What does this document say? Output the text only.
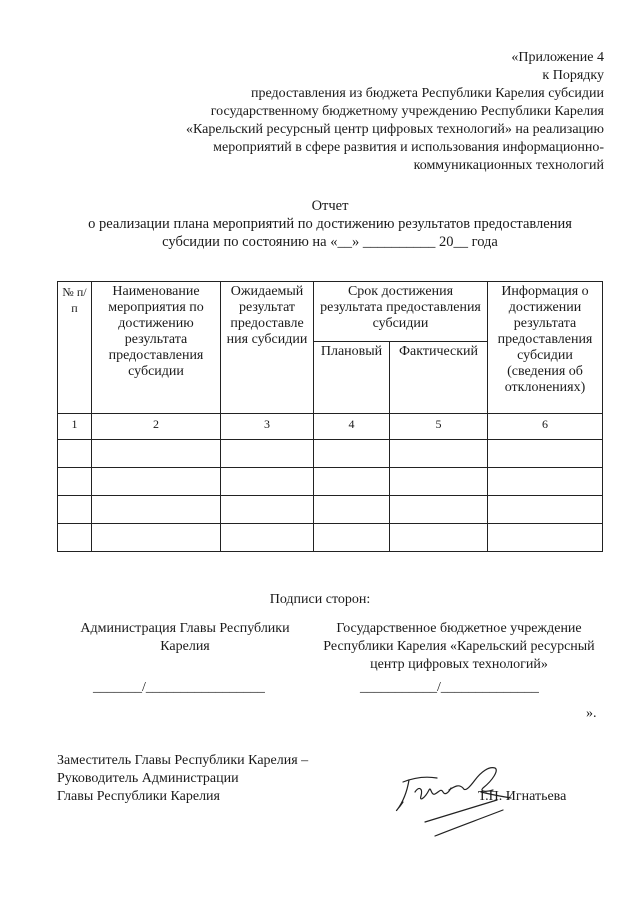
«Приложение 4
к Порядку
предоставления из бюджета Республики Карелия субсидии
государственному бюджетному учреждению Республики Карелия
«Карельский ресурсный центр цифровых технологий» на реализацию
мероприятий в сфере развития и использования информационно-
коммуникационных технологий
Отчет
о реализации плана мероприятий по достижению результатов предоставления
субсидии по состоянию на «__» __________ 20__ года
№ п/п	Наименование мероприятия по достижению результата предоставления субсидии	Ожидаемый результат предоставле ния субсидии	Срок достижения результата предоставления субсидии		Информация о достижении результата предоставления субсидии (сведения об отклонениях)
			Плановый	Фактический	
1	2	3	4	5	6

Подписи сторон:
Администрация Главы Республики Карелия
Государственное бюджетное учреждение Республики Карелия «Карельский ресурсный центр цифровых технологий»
_______/_________________	___________/______________
».
Заместитель Главы Республики Карелия –
Руководитель Администрации
Главы Республики Карелия	Т.П. Игнатьева
